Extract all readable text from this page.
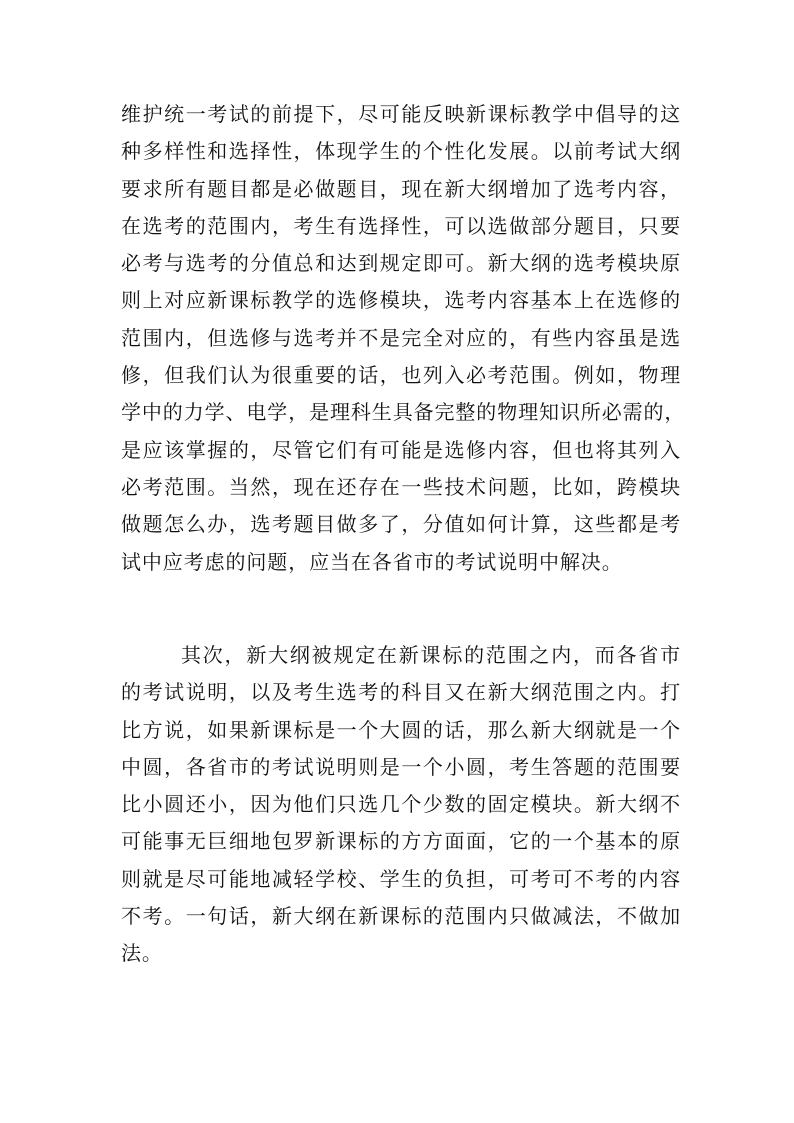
维护统一考试的前提下，尽可能反映新课标教学中倡导的这
种多样性和选择性，体现学生的个性化发展。以前考试大纲
要求所有题目都是必做题目，现在新大纲增加了选考内容，
在选考的范围内，考生有选择性，可以选做部分题目，只要
必考与选考的分值总和达到规定即可。新大纲的选考模块原
则上对应新课标教学的选修模块，选考内容基本上在选修的
范围内，但选修与选考并不是完全对应的，有些内容虽是选
修，但我们认为很重要的话，也列入必考范围。例如，物理
学中的力学、电学，是理科生具备完整的物理知识所必需的，
是应该掌握的，尽管它们有可能是选修内容，但也将其列入
必考范围。当然，现在还存在一些技术问题，比如，跨模块
做题怎么办，选考题目做多了，分值如何计算，这些都是考
试中应考虑的问题，应当在各省市的考试说明中解决。
其次，新大纲被规定在新课标的范围之内，而各省市
的考试说明，以及考生选考的科目又在新大纲范围之内。打
比方说，如果新课标是一个大圆的话，那么新大纲就是一个
中圆，各省市的考试说明则是一个小圆，考生答题的范围要
比小圆还小，因为他们只选几个少数的固定模块。新大纲不
可能事无巨细地包罗新课标的方方面面，它的一个基本的原
则就是尽可能地减轻学校、学生的负担，可考可不考的内容
不考。一句话，新大纲在新课标的范围内只做减法，不做加
法。
